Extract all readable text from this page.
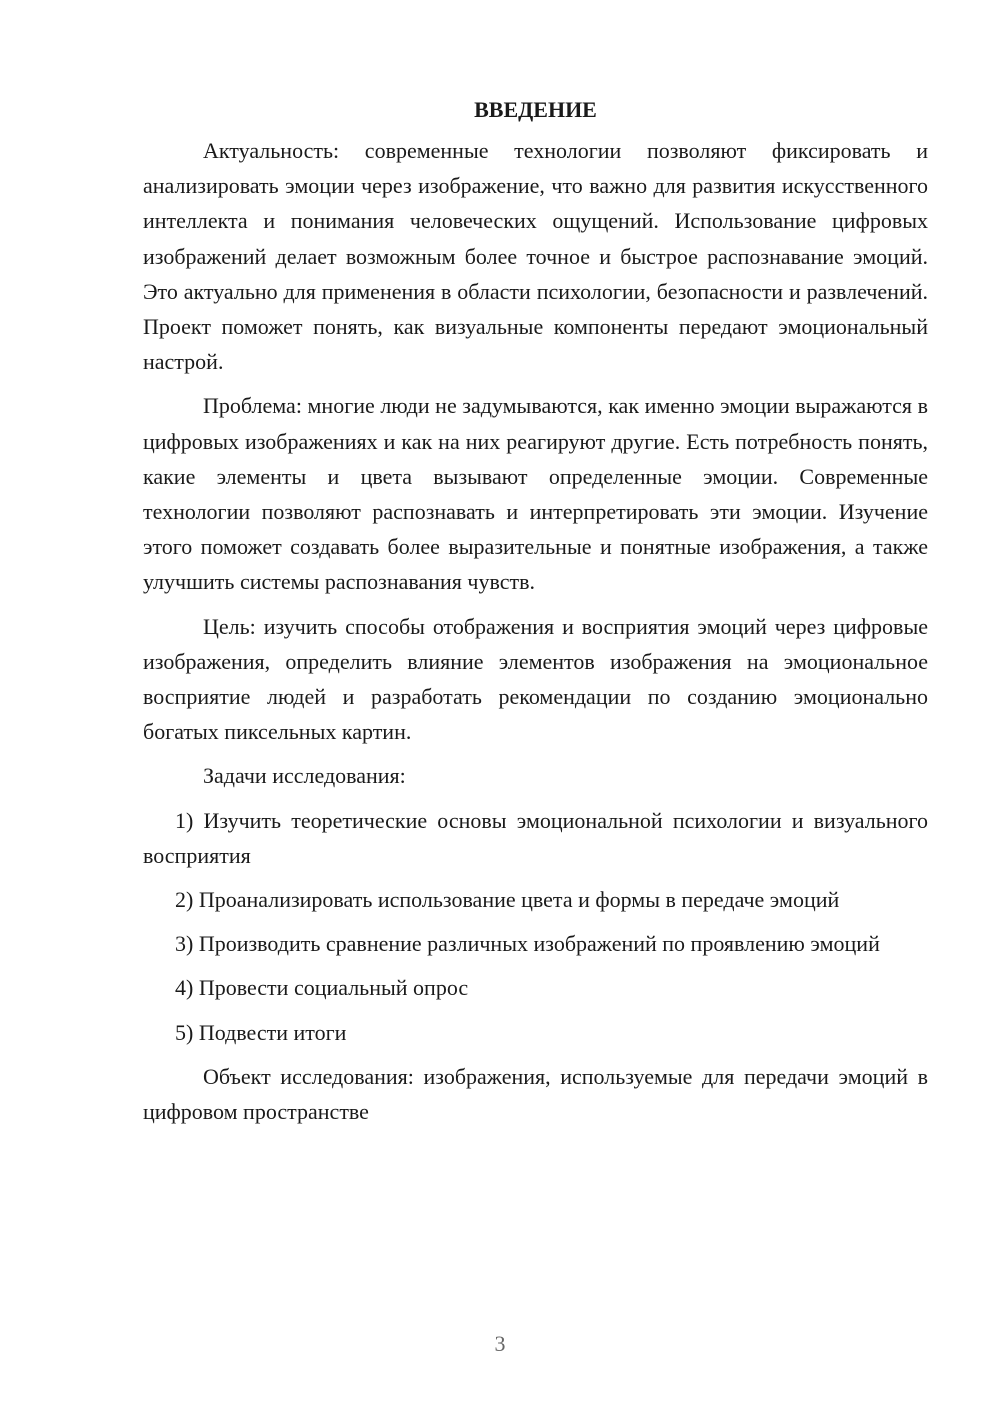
ВВЕДЕНИЕ

Актуальность: современные технологии позволяют фиксировать и анализировать эмоции через изображение, что важно для развития искусственного интеллекта и понимания человеческих ощущений. Использование цифровых изображений делает возможным более точное и быстрое распознавание эмоций. Это актуально для применения в области психологии, безопасности и развлечений. Проект поможет понять, как визуальные компоненты передают эмоциональный настрой.

Проблема: многие люди не задумываются, как именно эмоции выражаются в цифровых изображениях и как на них реагируют другие. Есть потребность понять, какие элементы и цвета вызывают определенные эмоции. Современные технологии позволяют распознавать и интерпретировать эти эмоции. Изучение этого поможет создавать более выразительные и понятные изображения, а также улучшить системы распознавания чувств.

Цель: изучить способы отображения и восприятия эмоций через цифровые изображения, определить влияние элементов изображения на эмоциональное восприятие людей и разработать рекомендации по созданию эмоционально богатых пиксельных картин.

Задачи исследования:

1) Изучить теоретические основы эмоциональной психологии и визуального восприятия

2) Проанализировать использование цвета и формы в передаче эмоций

3) Производить сравнение различных изображений по проявлению эмоций

4) Провести социальный опрос

5) Подвести итоги

Объект исследования: изображения, используемые для передачи эмоций в цифровом пространстве

3
